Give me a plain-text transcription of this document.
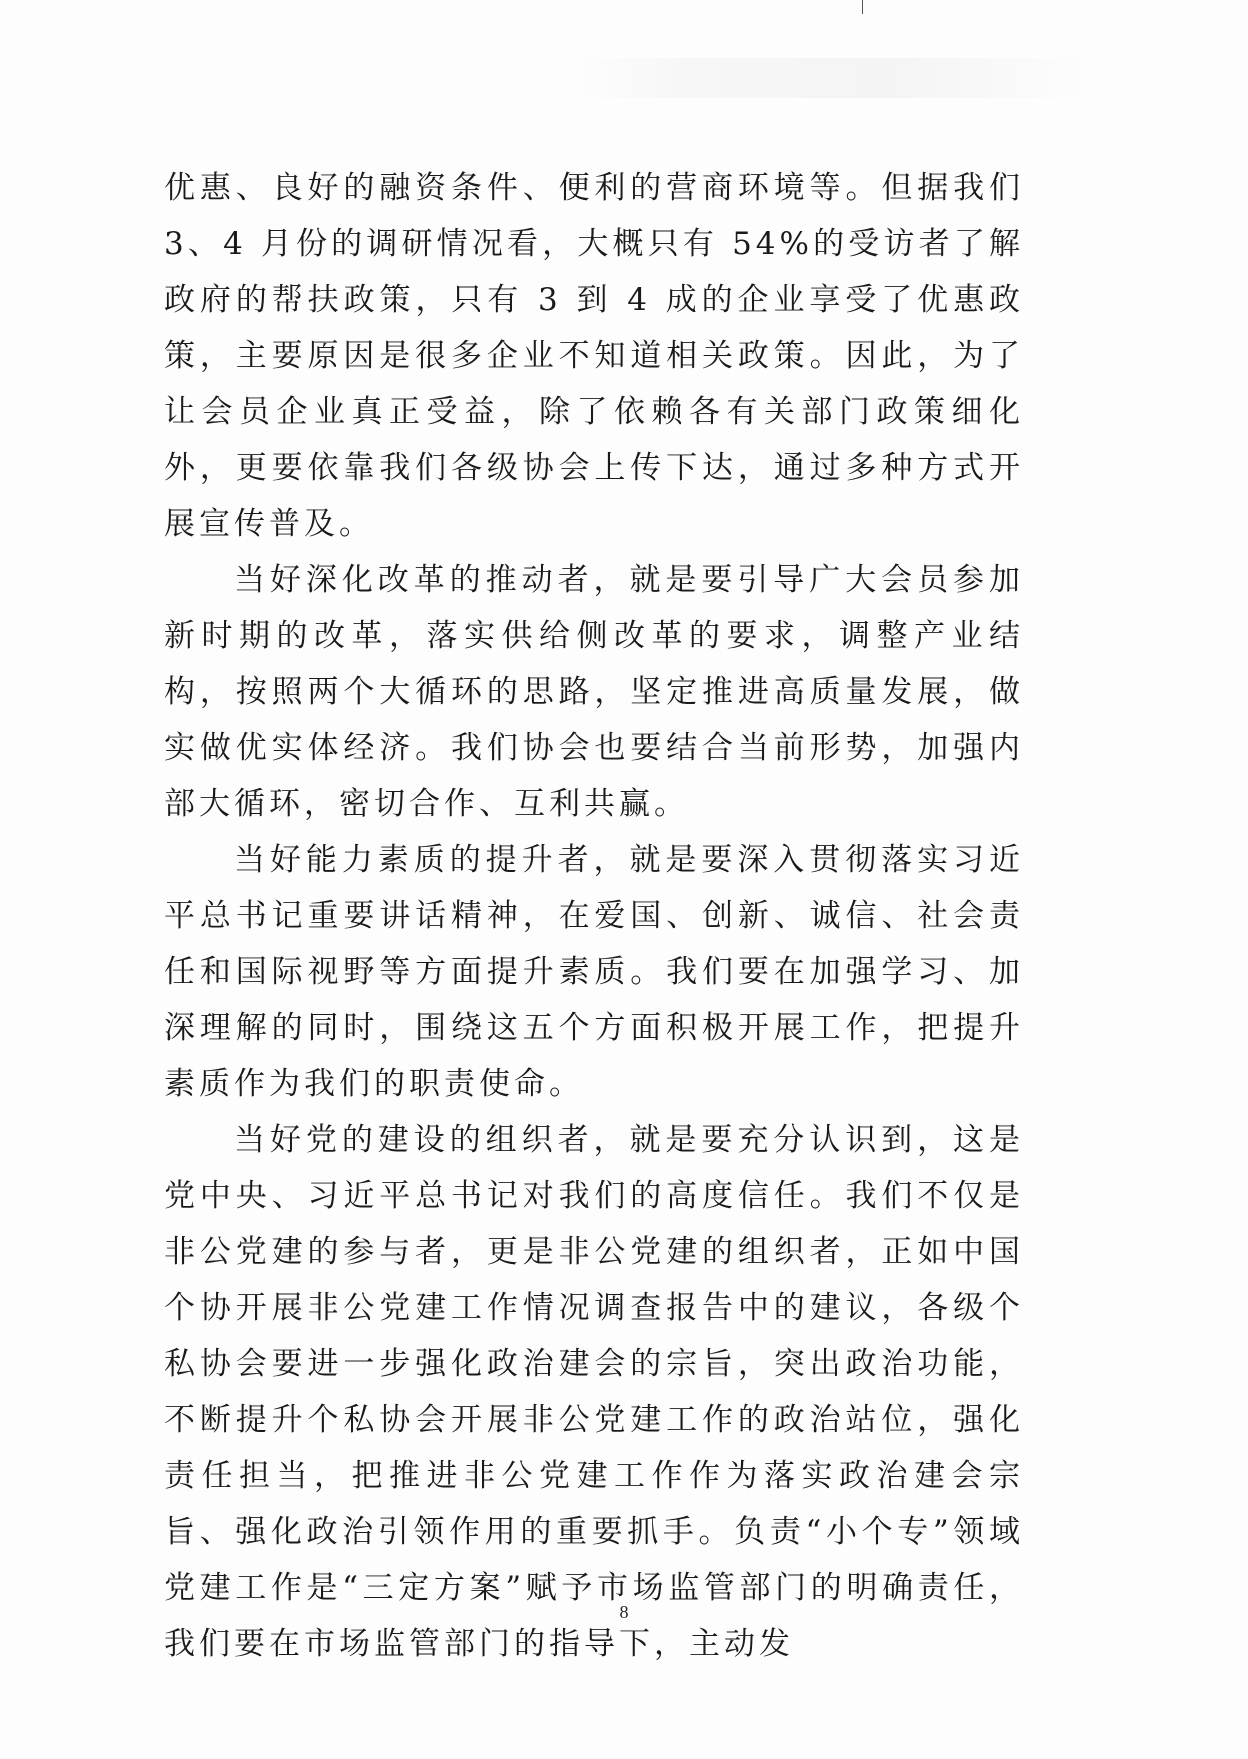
优惠、良好的融资条件、便利的营商环境等。但据我们 3、4 月份的调研情况看，大概只有 54%的受访者了解政府的帮扶政策，只有 3 到 4 成的企业享受了优惠政策，主要原因是很多企业不知道相关政策。因此，为了让会员企业真正受益，除了依赖各有关部门政策细化外，更要依靠我们各级协会上传下达，通过多种方式开展宣传普及。

当好深化改革的推动者，就是要引导广大会员参加新时期的改革，落实供给侧改革的要求，调整产业结构，按照两个大循环的思路，坚定推进高质量发展，做实做优实体经济。我们协会也要结合当前形势，加强内部大循环，密切合作、互利共赢。

当好能力素质的提升者，就是要深入贯彻落实习近平总书记重要讲话精神，在爱国、创新、诚信、社会责任和国际视野等方面提升素质。我们要在加强学习、加深理解的同时，围绕这五个方面积极开展工作，把提升素质作为我们的职责使命。

当好党的建设的组织者，就是要充分认识到，这是党中央、习近平总书记对我们的高度信任。我们不仅是非公党建的参与者，更是非公党建的组织者，正如中国个协开展非公党建工作情况调查报告中的建议，各级个私协会要进一步强化政治建会的宗旨，突出政治功能，不断提升个私协会开展非公党建工作的政治站位，强化责任担当，把推进非公党建工作作为落实政治建会宗旨、强化政治引领作用的重要抓手。负责“小个专”领域党建工作是“三定方案”赋予市场监管部门的明确责任，我们要在市场监管部门的指导下，主动发

8
